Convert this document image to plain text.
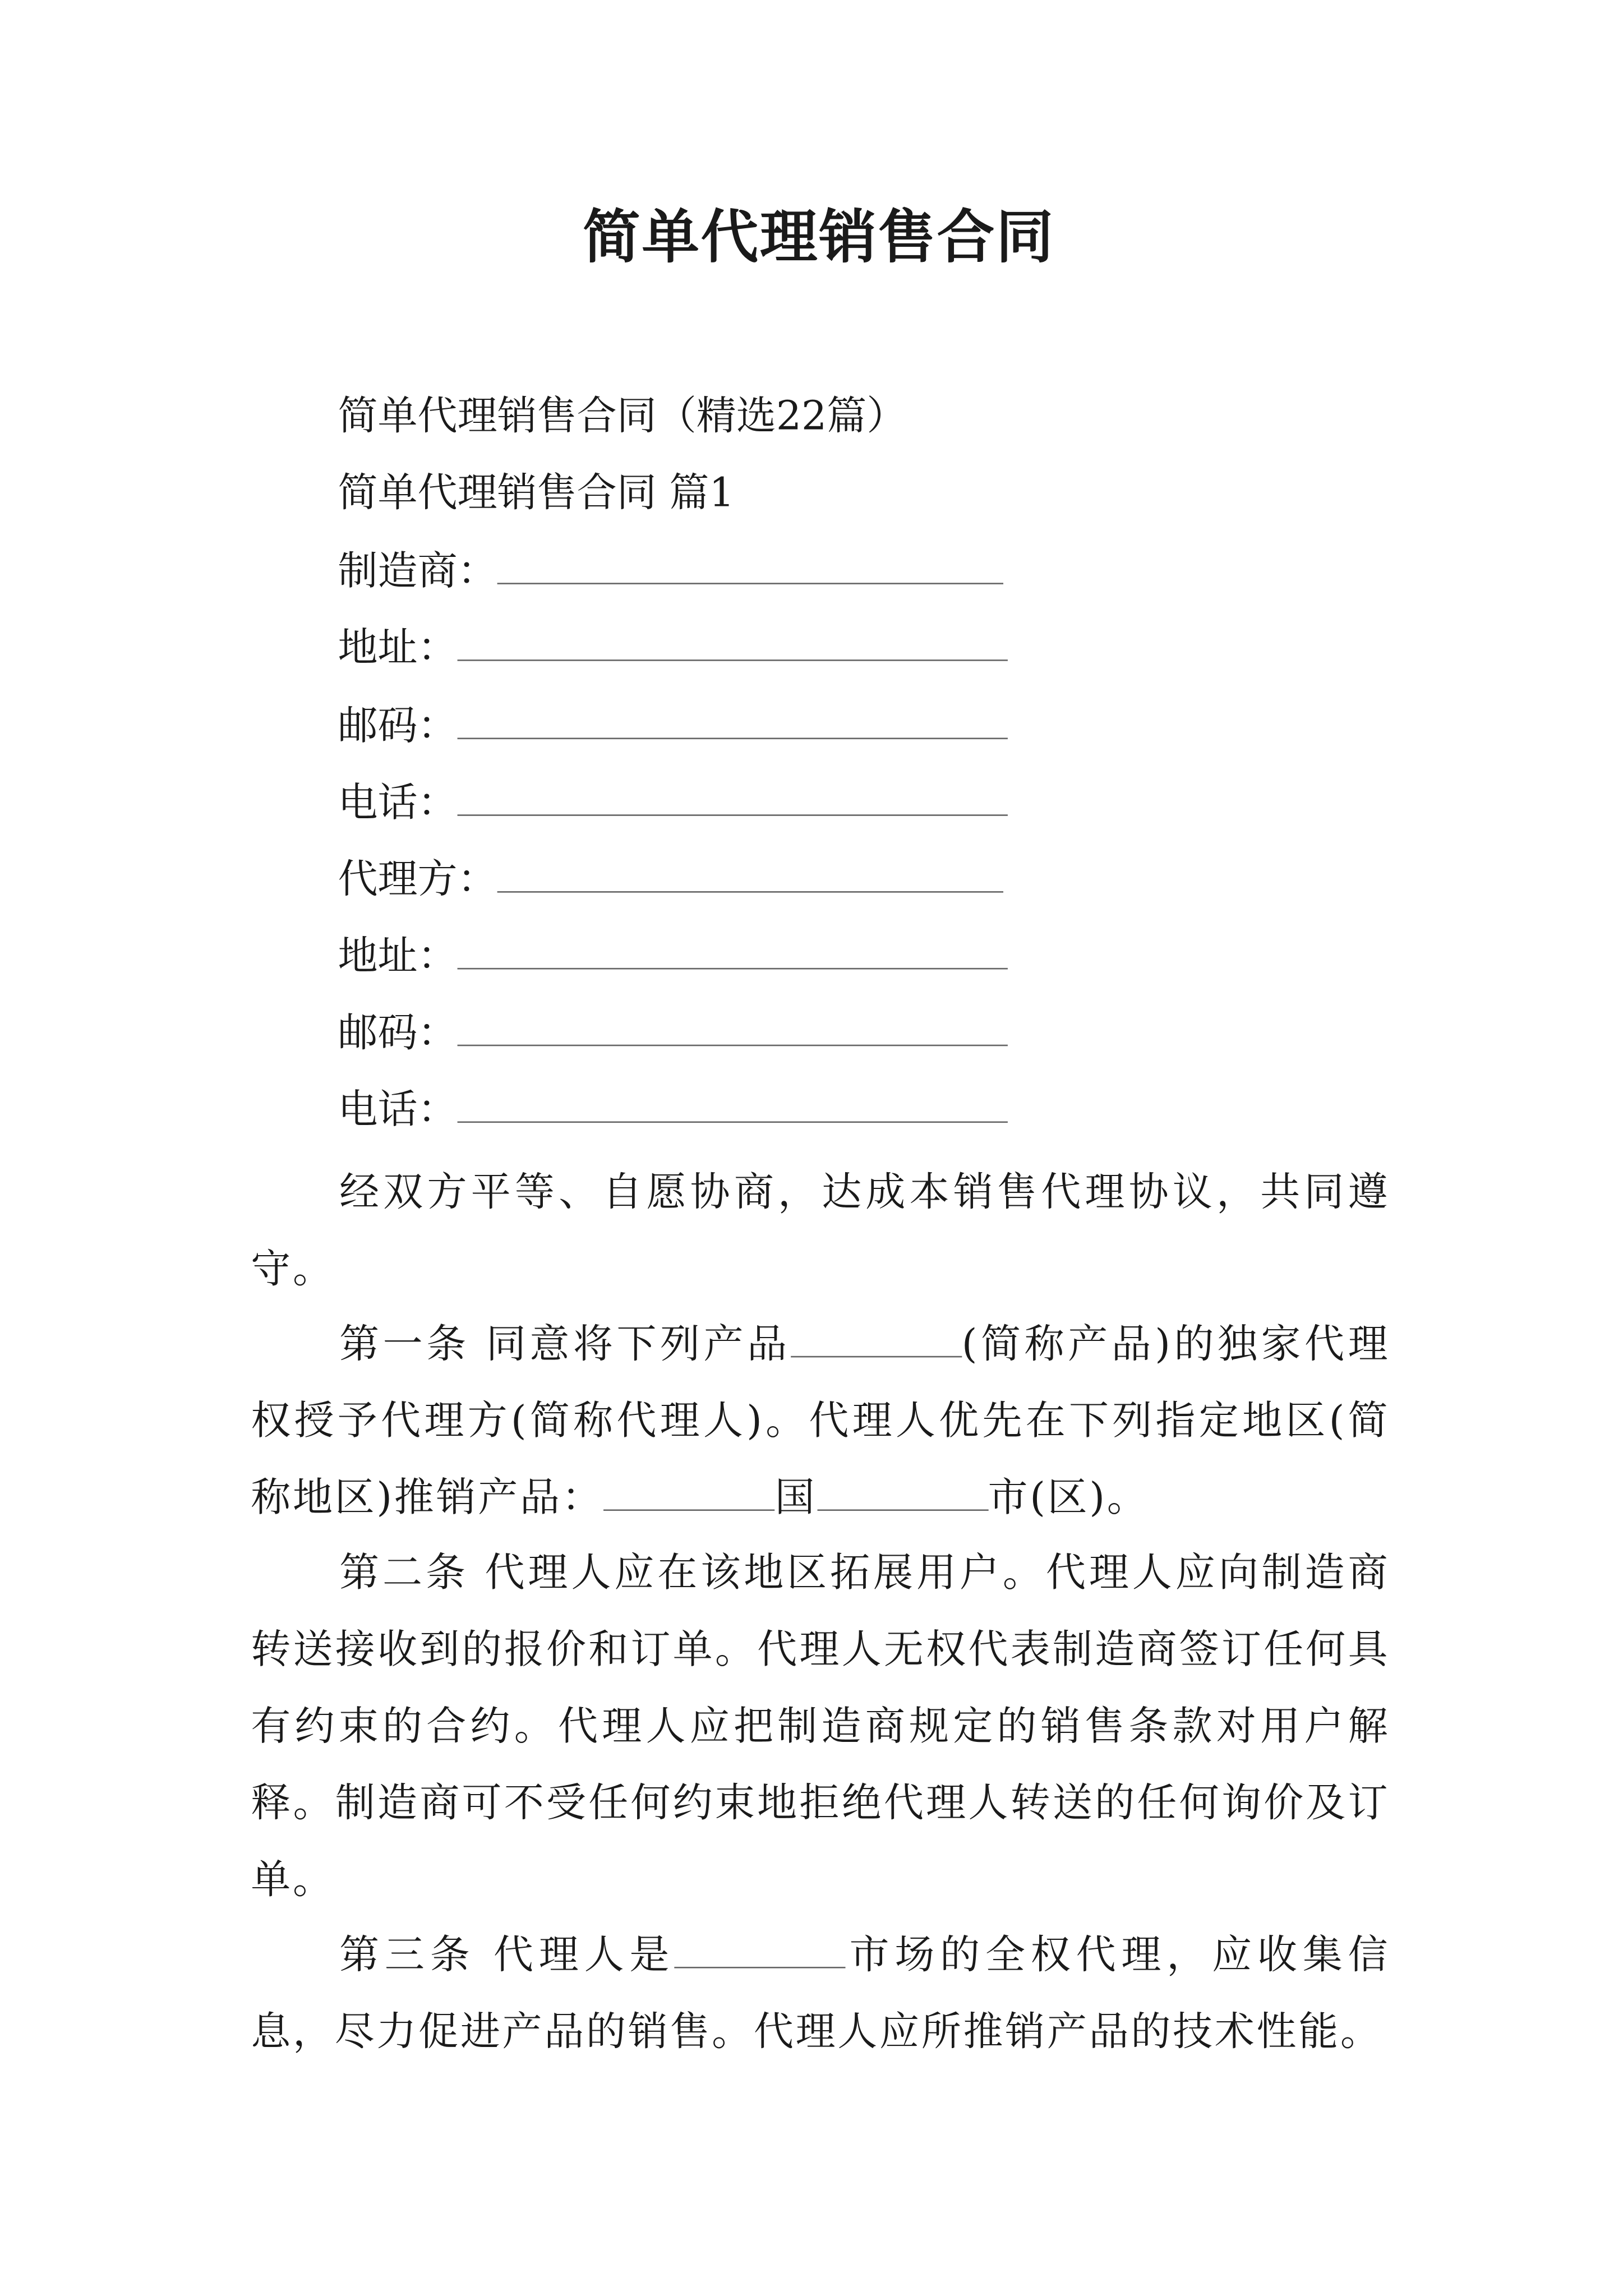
简单代理销售合同
简单代理销售合同（精选22篇）
简单代理销售合同 篇1
制造商：
地址：
邮码：
电话：
代理方：
地址：
邮码：
电话：
经双方平等、自愿协商，达成本销售代理协议，共同遵守。
第一条 同意将下列产品	(简称产品)的独家代理权授予代理方(简称代理人)。代理人优先在下列指定地区(简称地区)推销产品：	国	市(区)。
第二条 代理人应在该地区拓展用户。代理人应向制造商转送接收到的报价和订单。代理人无权代表制造商签订任何具有约束的合约。代理人应把制造商规定的销售条款对用户解释。制造商可不受任何约束地拒绝代理人转送的任何询价及订单。
第三条 代理人是	市场的全权代理，应收集信息，尽力促进产品的销售。代理人应所推销产品的技术性能。
